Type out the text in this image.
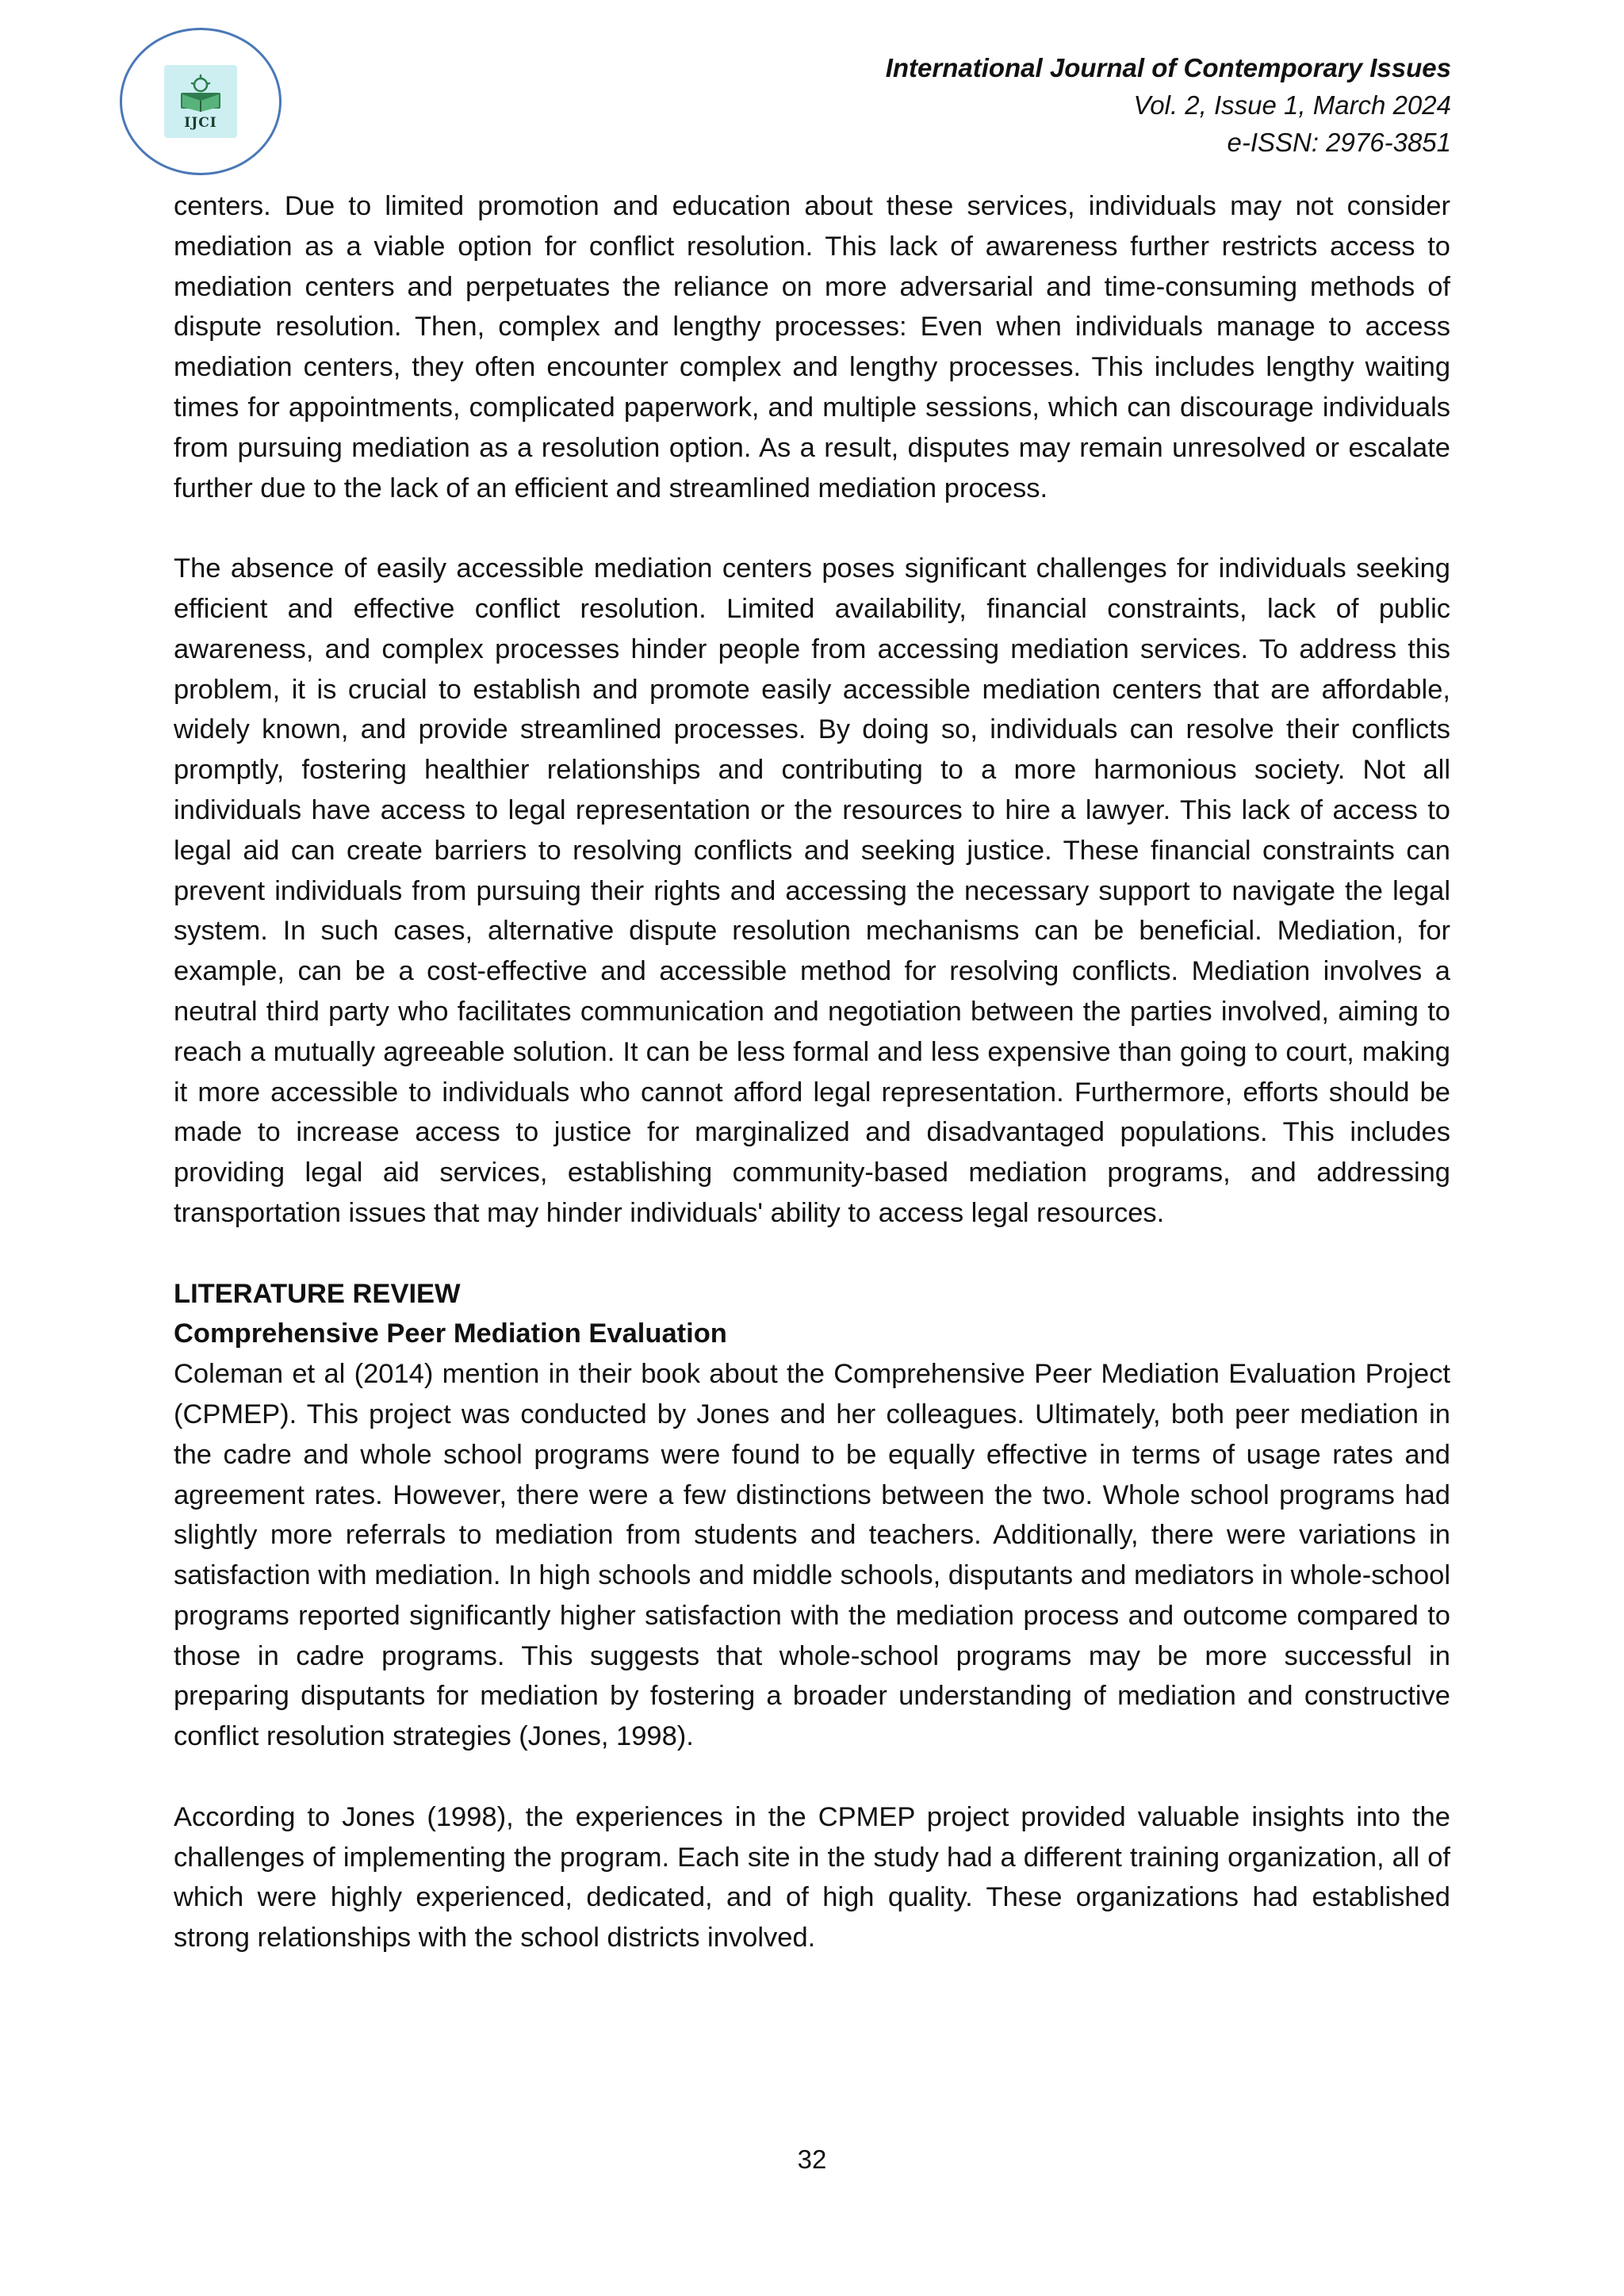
IJCI
International Journal of Contemporary Issues
Vol. 2, Issue 1, March 2024
e-ISSN: 2976-3851

centers. Due to limited promotion and education about these services, individuals may not consider mediation as a viable option for conflict resolution. This lack of awareness further restricts access to mediation centers and perpetuates the reliance on more adversarial and time-consuming methods of dispute resolution. Then, complex and lengthy processes: Even when individuals manage to access mediation centers, they often encounter complex and lengthy processes. This includes lengthy waiting times for appointments, complicated paperwork, and multiple sessions, which can discourage individuals from pursuing mediation as a resolution option. As a result, disputes may remain unresolved or escalate further due to the lack of an efficient and streamlined mediation process.

The absence of easily accessible mediation centers poses significant challenges for individuals seeking efficient and effective conflict resolution. Limited availability, financial constraints, lack of public awareness, and complex processes hinder people from accessing mediation services. To address this problem, it is crucial to establish and promote easily accessible mediation centers that are affordable, widely known, and provide streamlined processes. By doing so, individuals can resolve their conflicts promptly, fostering healthier relationships and contributing to a more harmonious society. Not all individuals have access to legal representation or the resources to hire a lawyer. This lack of access to legal aid can create barriers to resolving conflicts and seeking justice. These financial constraints can prevent individuals from pursuing their rights and accessing the necessary support to navigate the legal system. In such cases, alternative dispute resolution mechanisms can be beneficial. Mediation, for example, can be a cost-effective and accessible method for resolving conflicts. Mediation involves a neutral third party who facilitates communication and negotiation between the parties involved, aiming to reach a mutually agreeable solution. It can be less formal and less expensive than going to court, making it more accessible to individuals who cannot afford legal representation. Furthermore, efforts should be made to increase access to justice for marginalized and disadvantaged populations. This includes providing legal aid services, establishing community-based mediation programs, and addressing transportation issues that may hinder individuals' ability to access legal resources.

LITERATURE REVIEW
Comprehensive Peer Mediation Evaluation

Coleman et al (2014) mention in their book about the Comprehensive Peer Mediation Evaluation Project (CPMEP). This project was conducted by Jones and her colleagues. Ultimately, both peer mediation in the cadre and whole school programs were found to be equally effective in terms of usage rates and agreement rates. However, there were a few distinctions between the two. Whole school programs had slightly more referrals to mediation from students and teachers. Additionally, there were variations in satisfaction with mediation. In high schools and middle schools, disputants and mediators in whole-school programs reported significantly higher satisfaction with the mediation process and outcome compared to those in cadre programs. This suggests that whole-school programs may be more successful in preparing disputants for mediation by fostering a broader understanding of mediation and constructive conflict resolution strategies (Jones, 1998).

According to Jones (1998), the experiences in the CPMEP project provided valuable insights into the challenges of implementing the program. Each site in the study had a different training organization, all of which were highly experienced, dedicated, and of high quality. These organizations had established strong relationships with the school districts involved.

32
